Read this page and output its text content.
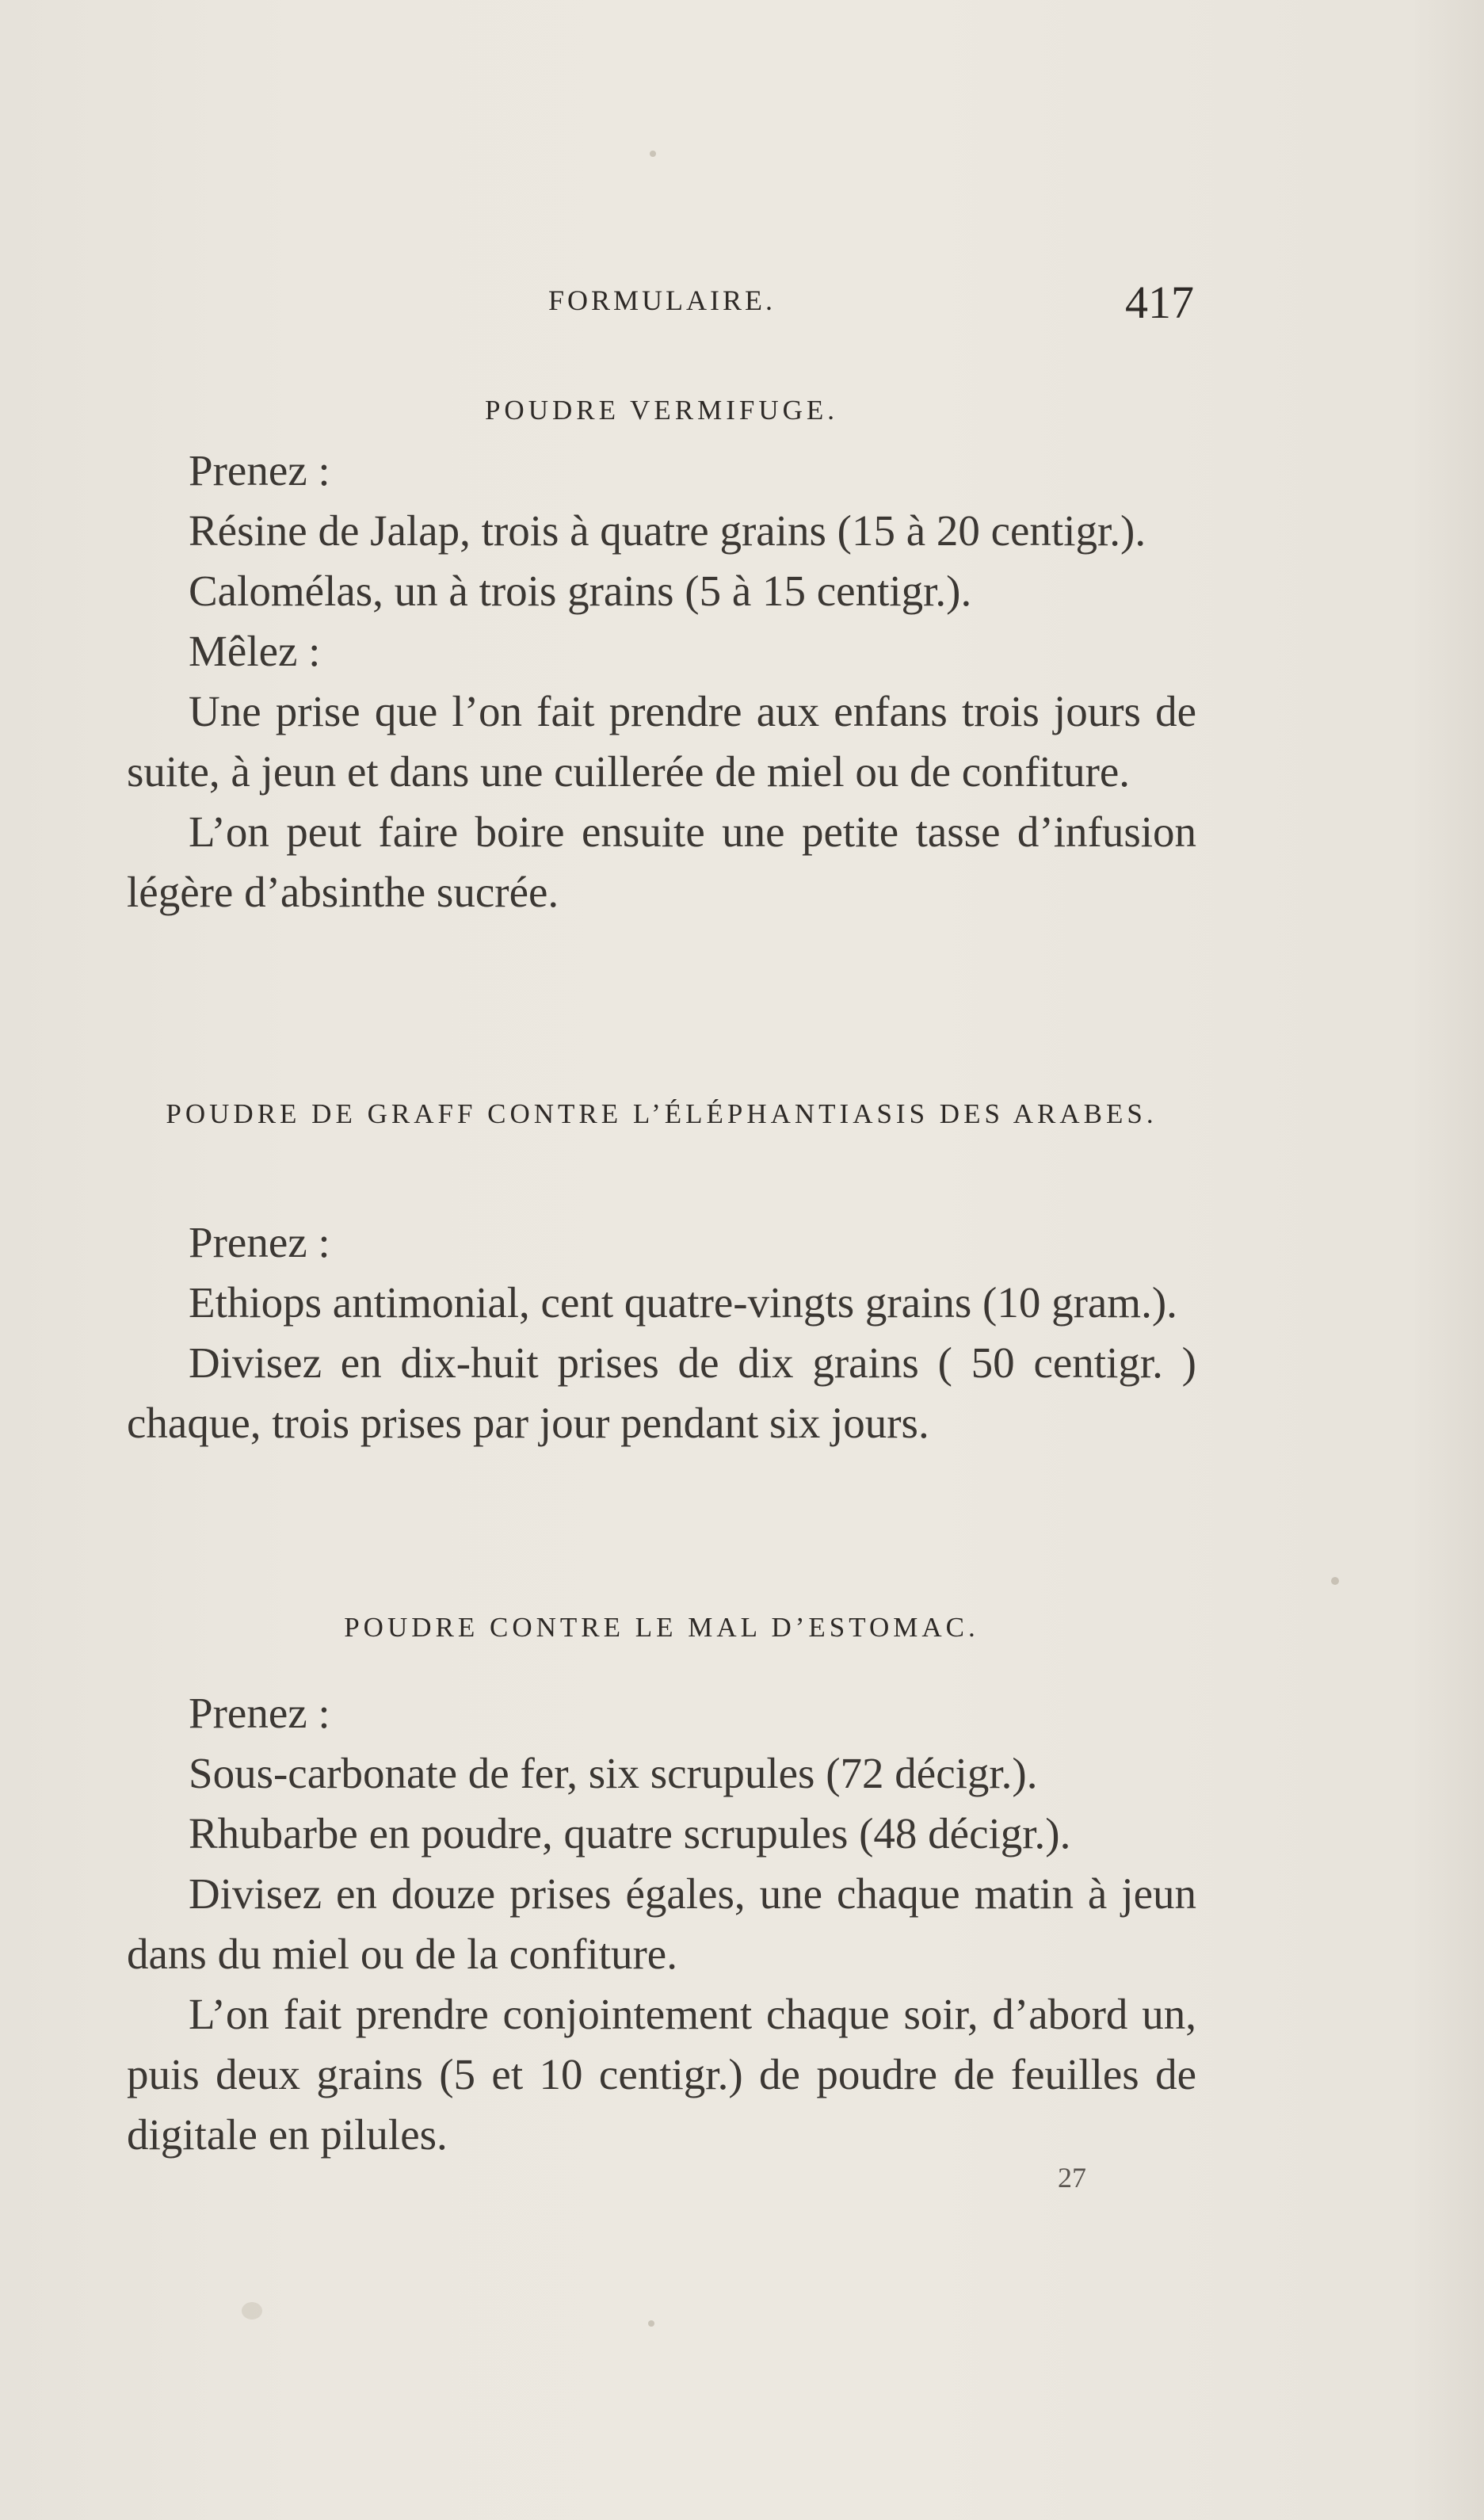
FORMULAIRE.	417
POUDRE VERMIFUGE.

Prenez :

Résine de Jalap, trois à quatre grains (15 à 20 centigr.).

Calomélas, un à trois grains (5 à 15 centigr.).

Mêlez :

Une prise que l’on fait prendre aux enfans trois jours de suite, à jeun et dans une cuillerée de miel ou de confiture.

L’on peut faire boire ensuite une petite tasse d’infusion légère d’absinthe sucrée.

POUDRE DE GRAFF CONTRE L’ÉLÉPHANTIASIS DES ARABES.

Prenez :

Ethiops antimonial, cent quatre-vingts grains (10 gram.).

Divisez en dix-huit prises de dix grains ( 50 centigr. ) chaque, trois prises par jour pendant six jours.

POUDRE CONTRE LE MAL D’ESTOMAC.

Prenez :

Sous-carbonate de fer, six scrupules (72 décigr.).

Rhubarbe en poudre, quatre scrupules (48 décigr.).

Divisez en douze prises égales, une chaque matin à jeun dans du miel ou de la confiture.

L’on fait prendre conjointement chaque soir, d’abord un, puis deux grains (5 et 10 centigr.) de poudre de feuilles de digitale en pilules.

27
